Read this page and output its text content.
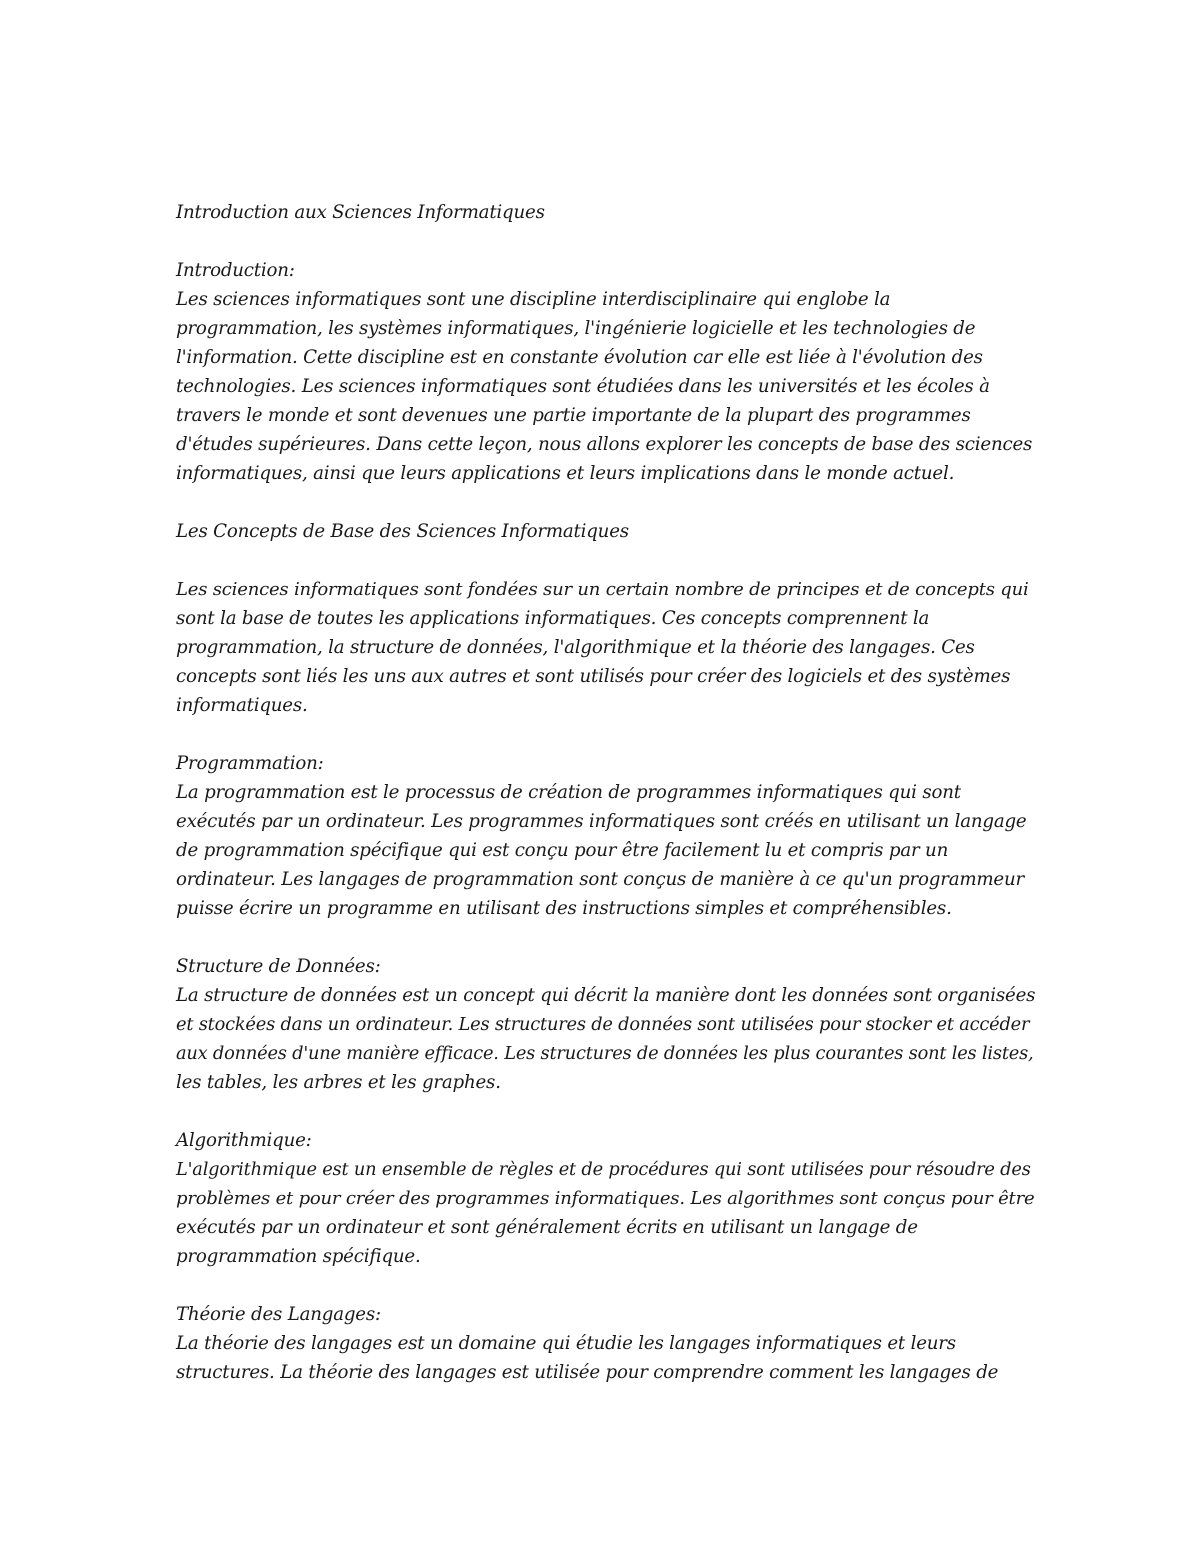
Introduction aux Sciences Informatiques
Introduction:
Les sciences informatiques sont une discipline interdisciplinaire qui englobe la
programmation, les systèmes informatiques, l'ingénierie logicielle et les technologies de
l'information. Cette discipline est en constante évolution car elle est liée à l'évolution des
technologies. Les sciences informatiques sont étudiées dans les universités et les écoles à
travers le monde et sont devenues une partie importante de la plupart des programmes
d'études supérieures. Dans cette leçon, nous allons explorer les concepts de base des sciences
informatiques, ainsi que leurs applications et leurs implications dans le monde actuel.
Les Concepts de Base des Sciences Informatiques
Les sciences informatiques sont fondées sur un certain nombre de principes et de concepts qui
sont la base de toutes les applications informatiques. Ces concepts comprennent la
programmation, la structure de données, l'algorithmique et la théorie des langages. Ces
concepts sont liés les uns aux autres et sont utilisés pour créer des logiciels et des systèmes
informatiques.
Programmation:
La programmation est le processus de création de programmes informatiques qui sont
exécutés par un ordinateur. Les programmes informatiques sont créés en utilisant un langage
de programmation spécifique qui est conçu pour être facilement lu et compris par un
ordinateur. Les langages de programmation sont conçus de manière à ce qu'un programmeur
puisse écrire un programme en utilisant des instructions simples et compréhensibles.
Structure de Données:
La structure de données est un concept qui décrit la manière dont les données sont organisées
et stockées dans un ordinateur. Les structures de données sont utilisées pour stocker et accéder
aux données d'une manière efficace. Les structures de données les plus courantes sont les listes,
les tables, les arbres et les graphes.
Algorithmique:
L'algorithmique est un ensemble de règles et de procédures qui sont utilisées pour résoudre des
problèmes et pour créer des programmes informatiques. Les algorithmes sont conçus pour être
exécutés par un ordinateur et sont généralement écrits en utilisant un langage de
programmation spécifique.
Théorie des Langages:
La théorie des langages est un domaine qui étudie les langages informatiques et leurs
structures. La théorie des langages est utilisée pour comprendre comment les langages de
